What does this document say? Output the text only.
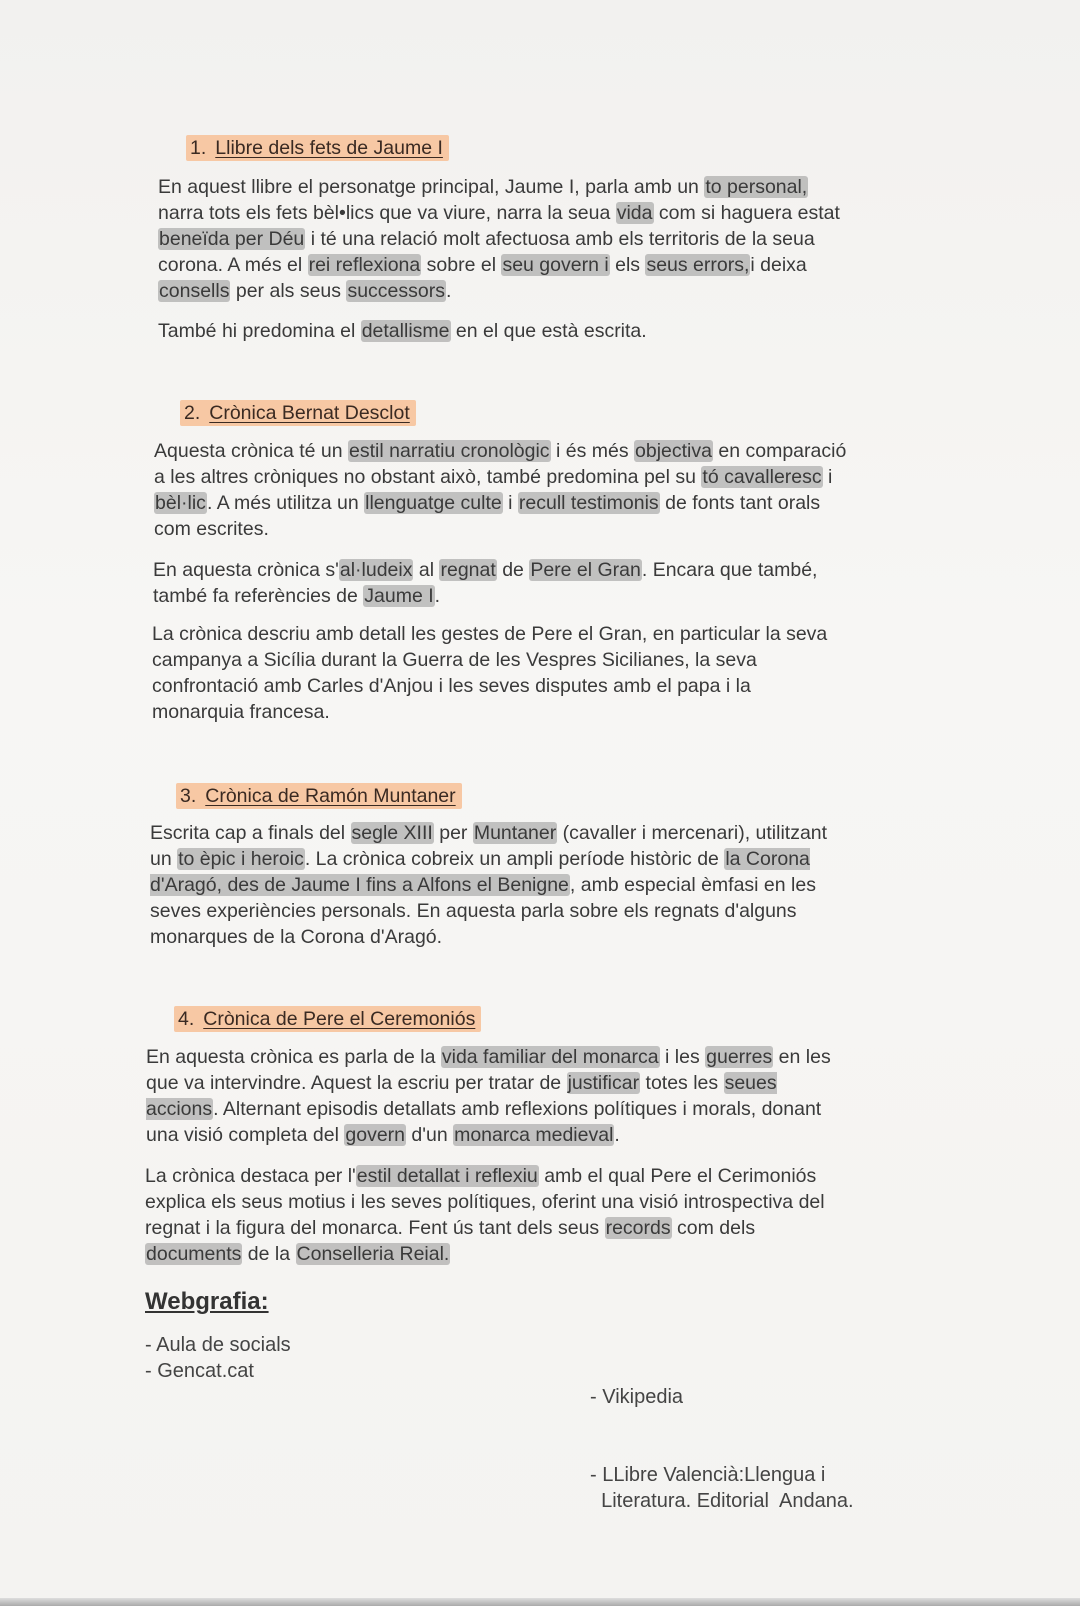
1. Llibre dels fets de Jaume I
En aquest llibre el personatge principal, Jaume I, parla amb un to personal,
narra tots els fets bèl•lics que va viure, narra la seua vida com si haguera estat
beneïda per Déu i té una relació molt afectuosa amb els territoris de la seua
corona. A més el rei reflexiona sobre el seu govern i els seus errors,i deixa
consells per als seus successors.
També hi predomina el detallisme en el que està escrita.
2. Crònica Bernat Desclot
Aquesta crònica té un estil narratiu cronològic i és més objectiva en comparació
a les altres cròniques no obstant això, també predomina pel su tó cavalleresc i
bèl·lic. A més utilitza un llenguatge culte i recull testimonis de fonts tant orals
com escrites.
En aquesta crònica s'al·ludeix al regnat de Pere el Gran. Encara que també,
també fa referències de Jaume I.
La crònica descriu amb detall les gestes de Pere el Gran, en particular la seva
campanya a Sicília durant la Guerra de les Vespres Sicilianes, la seva
confrontació amb Carles d'Anjou i les seves disputes amb el papa i la
monarquia francesa.
3. Crònica de Ramón Muntaner
Escrita cap a finals del segle XIII per Muntaner (cavaller i mercenari), utilitzant
un to èpic i heroic. La crònica cobreix un ampli període històric de la Corona
d'Aragó, des de Jaume I fins a Alfons el Benigne, amb especial èmfasi en les
seves experiències personals. En aquesta parla sobre els regnats d'alguns
monarques de la Corona d'Aragó.
4. Crònica de Pere el Ceremoniós
En aquesta crònica es parla de la vida familiar del monarca i les guerres en les
que va intervindre. Aquest la escriu per tratar de justificar totes les seues
accions. Alternant episodis detallats amb reflexions polítiques i morals, donant
una visió completa del govern d'un monarca medieval.
La crònica destaca per l'estil detallat i reflexiu amb el qual Pere el Cerimoniós
explica els seus motius i les seves polítiques, oferint una visió introspectiva del
regnat i la figura del monarca. Fent ús tant dels seus records com dels
documents de la Conselleria Reial.
Webgrafia:
- Aula de socials
- Gencat.cat

- Vikipedia

- LLibre Valencià:Llengua i
Literatura. Editorial  Andana.
